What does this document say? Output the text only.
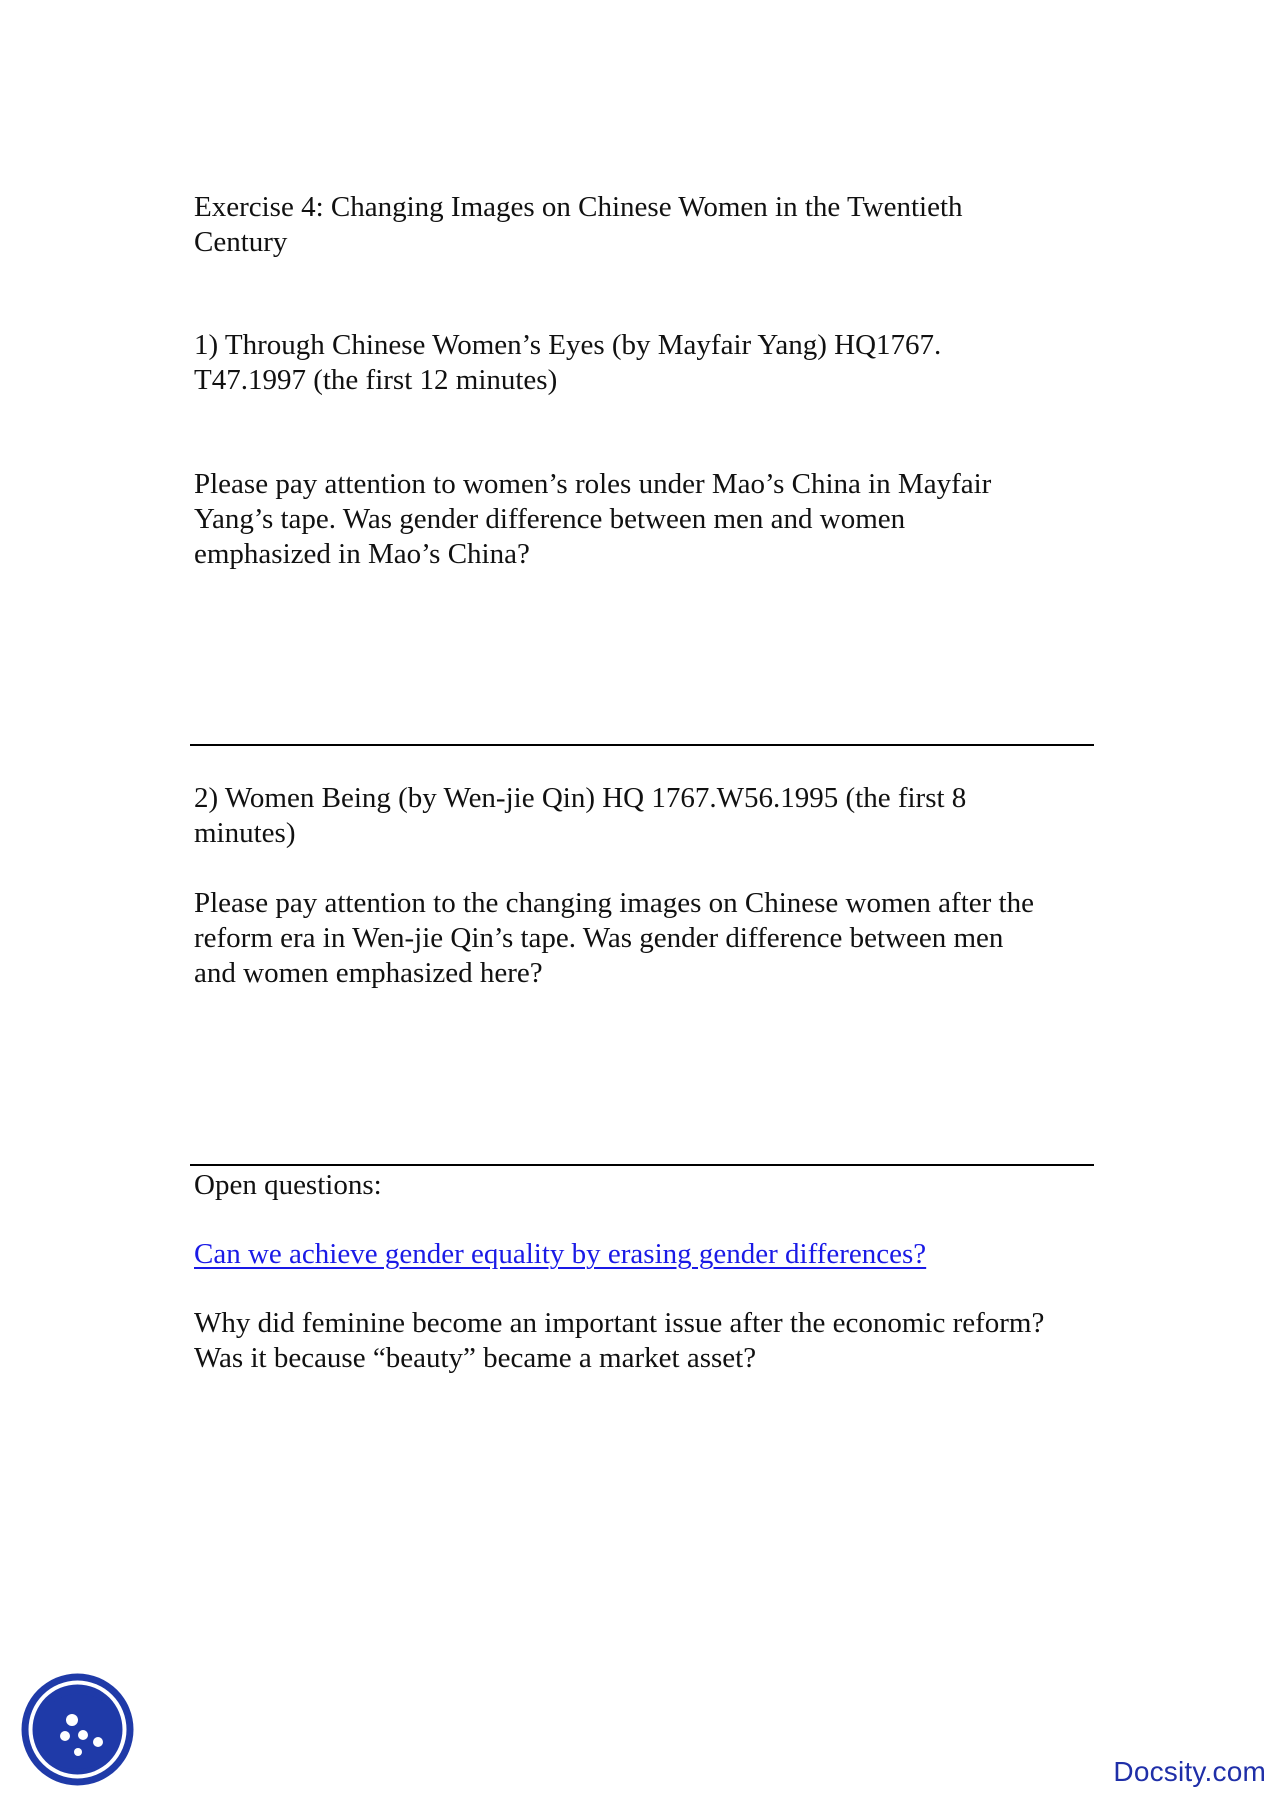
Exercise 4: Changing Images on Chinese Women in the Twentieth
Century

1) Through Chinese Women’s Eyes (by Mayfair Yang) HQ1767.
T47.1997 (the first 12 minutes)

Please pay attention to women’s roles under Mao’s China in Mayfair
Yang’s tape. Was gender difference between men and women
emphasized in Mao’s China?

2) Women Being (by Wen-jie Qin) HQ 1767.W56.1995 (the first 8
minutes)

Please pay attention to the changing images on Chinese women after the
reform era in Wen-jie Qin’s tape. Was gender difference between men
and women emphasized here?

Open questions:

Can we achieve gender equality by erasing gender differences?

Why did feminine become an important issue after the economic reform?
Was it because “beauty” became a market asset?

Docsity.com
